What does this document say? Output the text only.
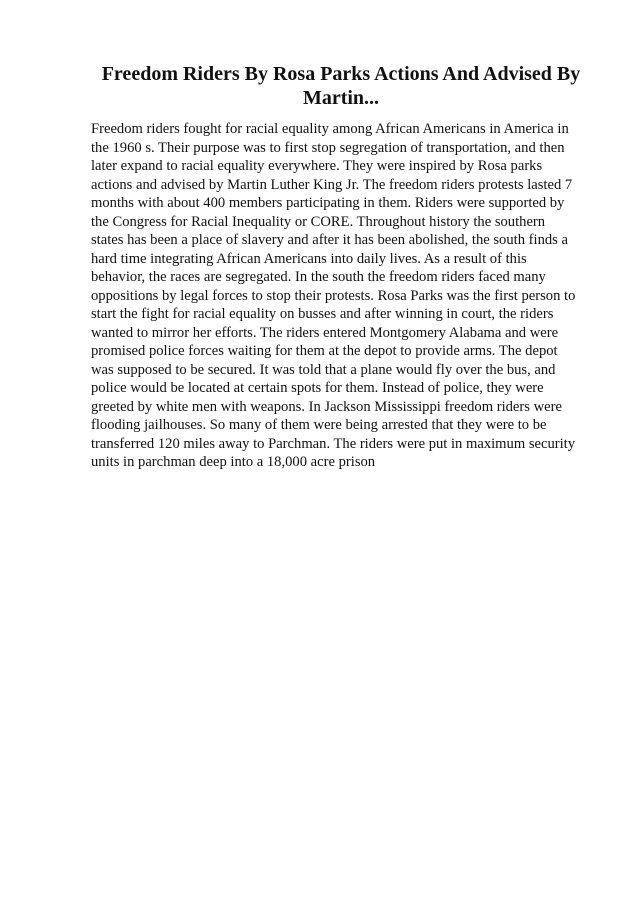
Freedom Riders By Rosa Parks Actions And Advised By Martin...

Freedom riders fought for racial equality among African Americans in America in
the 1960 s. Their purpose was to first stop segregation of transportation, and then
later expand to racial equality everywhere. They were inspired by Rosa parks
actions and advised by Martin Luther King Jr. The freedom riders protests lasted 7
months with about 400 members participating in them. Riders were supported by
the Congress for Racial Inequality or CORE. Throughout history the southern
states has been a place of slavery and after it has been abolished, the south finds a
hard time integrating African Americans into daily lives. As a result of this
behavior, the races are segregated. In the south the freedom riders faced many
oppositions by legal forces to stop their protests. Rosa Parks was the first person to
start the fight for racial equality on busses and after winning in court, the riders
wanted to mirror her efforts. The riders entered Montgomery Alabama and were
promised police forces waiting for them at the depot to provide arms. The depot
was supposed to be secured. It was told that a plane would fly over the bus, and
police would be located at certain spots for them. Instead of police, they were
greeted by white men with weapons. In Jackson Mississippi freedom riders were
flooding jailhouses. So many of them were being arrested that they were to be
transferred 120 miles away to Parchman. The riders were put in maximum security
units in parchman deep into a 18,000 acre prison
